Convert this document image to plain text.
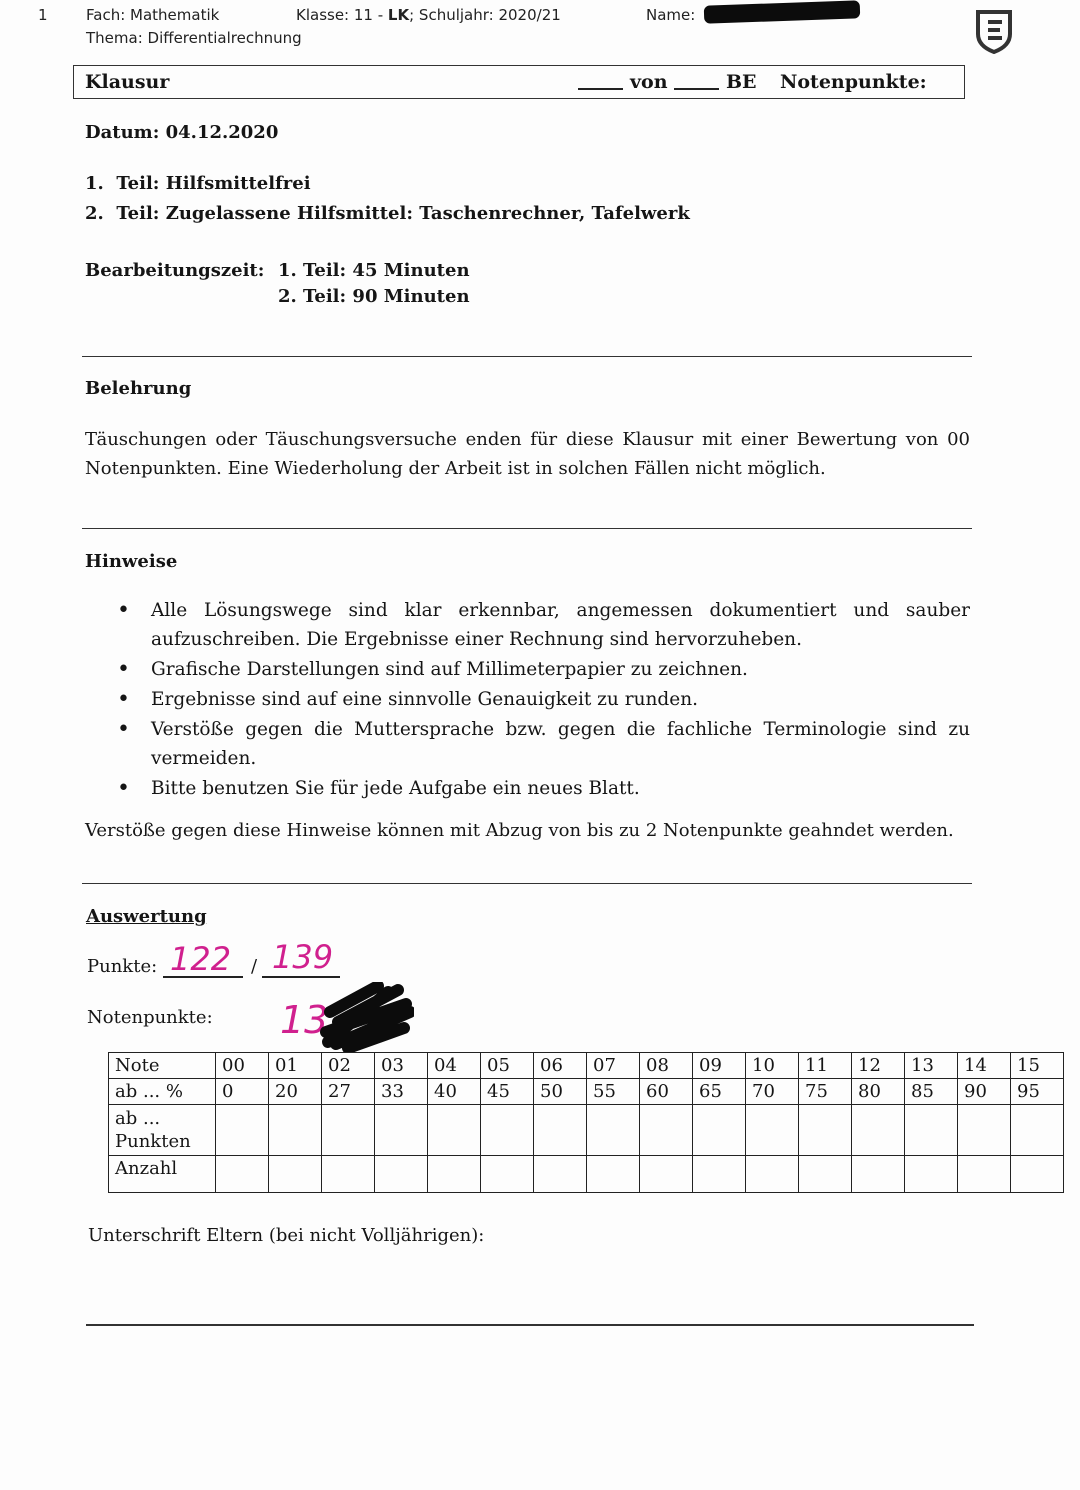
1	Fach: Mathematik	Klasse: 11 - LK; Schuljahr: 2020/21
Thema: Differentialrechnung
Name:
Klausur	von	BE Notenpunkte:
Datum: 04.12.2020
1.  Teil: Hilfsmittelfrei
2.  Teil: Zugelassene Hilfsmittel: Taschenrechner, Tafelwerk
Bearbeitungszeit: 1. Teil: 45 Minuten
2. Teil: 90 Minuten
Belehrung
Täuschungen oder Täuschungsversuche enden für diese Klausur mit einer Bewertung von 00 Notenpunkten. Eine Wiederholung der Arbeit ist in solchen Fällen nicht möglich.
Hinweise
• Alle Lösungswege sind klar erkennbar, angemessen dokumentiert und sauber aufzuschreiben. Die Ergebnisse einer Rechnung sind hervorzuheben.
• Grafische Darstellungen sind auf Millimeterpapier zu zeichnen.
• Ergebnisse sind auf eine sinnvolle Genauigkeit zu runden.
• Verstöße gegen die Muttersprache bzw. gegen die fachliche Terminologie sind zu vermeiden.
• Bitte benutzen Sie für jede Aufgabe ein neues Blatt.
Verstöße gegen diese Hinweise können mit Abzug von bis zu 2 Notenpunkte geahndet werden.
Auswertung
Punkte: 122 / 139
Notenpunkte: 13
Note	00	01	02	03	04	05	06	07	08	09	10	11	12	13	14	15
ab ... %	0	20	27	33	40	45	50	55	60	65	70	75	80	85	90	95
ab ...
Punkten																
Anzahl																
Unterschrift Eltern (bei nicht Volljährigen):
